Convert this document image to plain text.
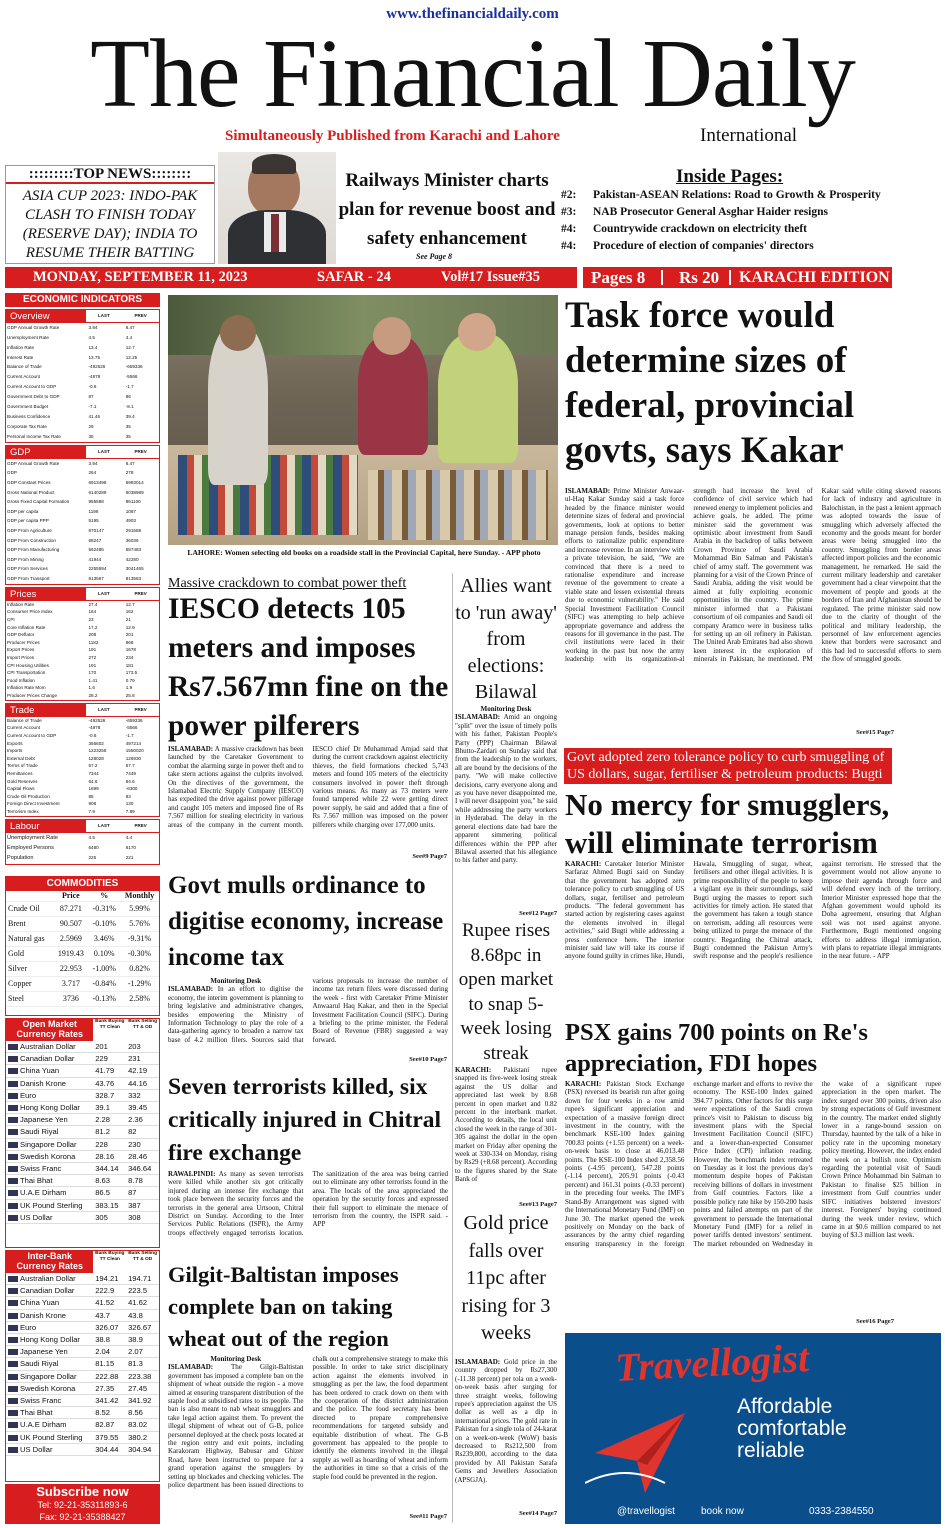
www.thefinancialdaily.com
The Financial Daily
Simultaneously Published from Karachi and Lahore	International
:::::::::TOP NEWS::::::::
ASIA CUP 2023: INDO-PAK CLASH TO FINISH TODAY (RESERVE DAY); INDIA TO RESUME THEIR BATTING
Railways Minister charts plan for revenue boost and safety enhancement
See Page 8
Inside Pages:
#2: Pakistan-ASEAN Relations: Road to Growth & Prosperity
#3: NAB Prosecutor General Asghar Haider resigns
#4: Countrywide crackdown on electricity theft
#4: Procedure of election of companies' directors
MONDAY, SEPTEMBER 11, 2023	SAFAR - 24	Vol#17 Issue#35	Pages 8 Rs 20 KARACHI EDITION
ECONOMIC INDICATORS
Overview	LAST	PREV
GDP Annual Growth Rate	3.94	6.47
Unemployment Rate	4.5	4.4
Inflation Rate	13.4	12.7
Interest Rate	13.75	12.25
Balance of Trade	-492526	-659336
Current Account	-4878	-5566
Current Account to GDP	-0.6	-1.7
Government Debt to GDP	87	86
Government Budget	-7.1	-8.1
Business Confidence	41.46	39.4
Corporate Tax Rate	29	35
Personal Income Tax Rate	35	35
GDP	LAST	PREV
GDP Annual Growth Rate	3.94	6.47
GDP	264	278
GDP Constant Prices	6913498	5993014
Gross National Product	6140289	6038989
Gross Fixed Capital Formation	955588	951100
GDP per capita	1196	1087
GDP per capita PPP	5195	4903
GDP From Agriculture	870147	291588
GDP From Construction	68247	36036
GDP From Manufacturing	562485	587483
GDP From Mining	41944	42280
GDP From Services	2255594	3041465
GDP From Transport	813567	813563
Prices	LAST	PREV
Inflation Rate	27.4	12.7
Consumer Price Index	164	162
CPI	23	21
Core Inflation Rate	17.2	12.9
GDP Deflator	208	201
Producer Prices	1182	968
Export Prices	191	1678
Import Prices	272	234
CPI Housing Utilities	191	181
CPI Transportation	170	173.5
Food Inflation	1.41	0.79
Inflation Rate Mom	1.6	1.9
Producer Prices Change	28.2	25.8
Trade	LAST	PREV
Balance of Trade	-492526	-659336
Current Account	-4878	-5566
Current Account to GDP	-0.6	-1.7
Exports	356602	497214
Imports	1223258	1550020
External Debt	128028	126930
Terms of Trade	57.2	57.7
Remittances	7344	7449
Gold Reserves	64.6	64.6
Capital Flows	1699	-6300
Crude Oil Production	85	83
Foreign Direct Investment	908	130
Terrorism Index	7.9	7.89
Labour	LAST	PREV
Unemployment Rate	4.5	4.4
Employed Persons	6480	6170
Population	225	221
COMMODITIES
	Price	%	Monthly
Crude Oil	87.271	-0.31%	5.99%
Brent	90.507	-0.10%	5.76%
Natural gas	2.5969	3.46%	-9.31%
Gold	1919.43	0.10%	-0.30%
Silver	22.953	-1.00%	0.82%
Copper	3.717	-0.84%	-1.29%
Steel	3736	-0.13%	2.58%
Open Market Currency Rates
Bank Buying TT Clean
Bank Selling TT & OD
Australian Dollar	201	203
Canadian Dollar	229	231
China Yuan	41.79	42.19
Danish Krone	43.76	44.16
Euro	328.7	332
Hong Kong Dollar	39.1	39.45
Japanese Yen	2.28	2.36
Saudi Riyal	81.2	82
Singapore Dollar	228	230
Swedish Korona	28.16	28.46
Swiss Franc	344.14	346.64
Thai Bhat	8.63	8.78
U.A.E Dirham	86.5	87
UK Pound Sterling	383.15	387
US Dollar	305	308
Inter-Bank Currency Rates
Bank Buying TT Clean
Bank Selling TT & OD
Australian Dollar	194.21	194.71
Canadian Dollar	222.9	223.5
China Yuan	41.52	41.62
Danish Krone	43.7	43.8
Euro	326.07	326.67
Hong Kong Dollar	38.8	38.9
Japanese Yen	2.04	2.07
Saudi Riyal	81.15	81.3
Singapore Dollar	222.88	223.38
Swedish Korona	27.35	27.45
Swiss Franc	341.42	341.92
Thai Bhat	8.52	8.56
U.A.E Dirham	82.87	83.02
UK Pound Sterling	379.55	380.2
US Dollar	304.44	304.94
Subscribe now
Tel: 92-21-35311893-6
Fax: 92-21-35388427
LAHORE: Women selecting old books on a roadside stall in the Provincial Capital, here Sunday. - APP photo
Task force would determine sizes of federal, provincial govts, says Kakar
ISLAMABAD: Prime Minister Anwaar-ul-Haq Kakar Sunday said a task force headed by the finance minister would determine sizes of federal and provincial governments, look at options to better manage pension funds, besides making efforts to rationalize public expenditure and increase revenue. In an interview with a private television, he said, "We are convinced that there is a need to rationalise expenditure and increase revenue of the government to create a viable state and lessen existential threats due to economic vulnerability." He said Special Investment Facilitation Council (SIFC) was attempting to help achieve appropriate governance and address the reasons for ill governance in the past. The civil institutions were laced in their working in the past but now the army leadership with its organization-al strength had increase the level of confidence of civil service which had renewed energy to implement policies and achieve goals, he added. The prime minister said the government was optimistic about investment from Saudi Arabia in the backdrop of talks between Crown Province of Saudi Arabia Mohammad Bin Salman and Pakistan's chief of army staff. The government was planning for a visit of the Crown Prince of Saudi Arabia, adding the visit would be aimed at fully exploiting economic opportunities in the country. The prime minister informed that a Pakistani consortium of oil companies and Saudi oil company Aramco were in business talks for setting up an oil refinery in Pakistan. The United Arab Emirates had also shown keen interest in the exploration of minerals in Pakistan, he mentioned. PM Kakar said while citing skewed reasons for lack of industry and agriculture in Balochistan, in the past a lenient approach was adopted towards the issue of smuggling which adversely affected the economy and the goods meant for border areas were being smuggled into the country. Smuggling from border areas affected import policies and the economic management, he remarked. He said the current military leadership and caretaker government had a clear viewpoint that the movement of people and goods at the borders of Iran and Afghanistan should be regulated. The prime minister said now due to the clarity of thought of the political and military leadership, the personnel of law enforcement agencies knew that borders were sacrosanct and this had led to successful efforts to stem the flow of smuggled goods.
See#15 Page7
Govt adopted zero tolerance policy to curb smuggling of US dollars, sugar, fertiliser & petroleum products: Bugti
No mercy for smugglers, will eliminate terrorism
KARACHI: Caretaker Interior Minister Sarfaraz Ahmed Bugti said on Sunday that the government has adopted zero tolerance policy to curb smuggling of US dollars, sugar, fertiliser and petroleum products. "The federal government has started action by registering cases against the elements involved in illegal activities," said Bugti while addressing a press conference here. The interior minister said law will take its course if anyone found guilty in crimes like, Hundi, Hawala, Smuggling of sugar, wheat, fertilisers and other illegal activities. It is prime responsibility of the people to keep a vigilant eye in their surroundings, said Bugti urging the masses to report such activities for timely action. He stated that the government has taken a tough stance on terrorism, adding all resources were being utilized to purge the menace of the country. Regarding the Chitral attack, Bugti condemned the Pakistan Army's swift response and the people's resilience against terrorism. He stressed that the government would not allow anyone to impose their agenda through force and will defend every inch of the territory. Interior Minister expressed hope that the Afghan government would uphold its Doha agreement, ensuring that Afghan soil was not used against anyone. Furthermore, Bugti mentioned ongoing efforts to address illegal immigration, with plans to repatriate illegal immigrants in the near future. - APP
PSX gains 700 points on Re's appreciation, FDI hopes
KARACHI: Pakistan Stock Exchange (PSX) reversed its bearish run after going down for four weeks in a row amid rupee's significant appreciation and expectation of a massive foreign direct investment in the country, with the benchmark KSE-100 Index gaining 700.83 points (+1.55 percent) on a week-on-week basis to close at 46,013.48 points. The KSE-100 Index shed 2,358.56 points (-4.95 percent), 547.28 points (-1.14 percent), 205.91 points (-0.43 percent) and 161.31 points (-0.33 percent) in the preceding four weeks. The IMF's Stand-By Arrangement was signed with the International Monetary Fund (IMF) on June 30. The market opened the week positively on Monday on the back of assurances by the army chief regarding ensuring transparency in the foreign exchange market and efforts to revive the economy. The KSE-100 Index gained 394.77 points. Other factors for this surge were expectations of the Saudi crown prince's visit to Pakistan to discuss big investment plans with the Special Investment Facilitation Council (SIFC) and a lower-than-expected Consumer Price Index (CPI) inflation reading. However, the benchmark index retreated on Tuesday as it lost the previous day's momentum despite hopes of Pakistan receiving billions of dollars in investment from Gulf countries. Factors like a possible policy rate hike by 150-200 basis points and failed attempts on part of the government to persuade the International Monetary Fund (IMF) for a relief in power tariffs dented investors' sentiment. The market rebounded on Wednesday in the wake of a significant rupee appreciation in the open market. The index surged over 300 points, driven also by strong expectations of Gulf investment in the country. The market ended slightly lower in a range-bound session on Thursday, haunted by the talk of a hike in policy rate in the upcoming monetary policy meeting. However, the index ended the week on a bullish note. Optimism regarding the potential visit of Saudi Crown Prince Mohammad bin Salman to Pakistan to finalise $25 billion in investment from Gulf countries under SIFC initiatives bolstered investors' interest. Foreigners' buying continued during the week under review, which came in at $0.6 million compared to net buying of $3.3 million last week.
See#16 Page7
Travellogist
Affordable
comfortable
reliable
@travellogist	book now	0333-2384550
Massive crackdown to combat power theft
IESCO detects 105 meters and imposes Rs7.567mn fine on the power pilferers
ISLAMABAD: A massive crackdown has been launched by the Caretaker Government to combat the alarming surge in power theft and to take stern actions against the culprits involved. On the directives of the government, the Islamabad Electric Supply Company (IESCO) has expedited the drive against power pilferage and caught 105 meters and imposed fine of Rs 7.567 million for stealing electricity in various areas of the company in the current month. IESCO chief Dr Muhammad Amjad said that during the current crackdown against electricity thieves, the field formations checked 5,743 meters and found 105 meters of the electricity consumers involved in power theft through various means. As many as 73 meters were found tampered while 22 were getting direct power supply, he said and added that a fine of Rs 7.567 million was imposed on the power pilferers while charging over 177,000 units.
See#9 Page7
Govt mulls ordinance to digitise economy, increase income tax
Monitoring Desk
ISLAMABAD: In an effort to digitise the economy, the interim government is planning to bring legislative and administrative changes, besides empowering the Ministry of Information Technology to play the role of a data-gathering agency to broaden a narrow tax base of 4.2 million filers. Sources said that various proposals to increase the number of income tax return filers were discussed during the week - first with Caretaker Prime Minister Anwaarul Haq Kakar, and then in the Special Investment Facilitation Council (SIFC). During a briefing to the prime minister, the Federal Board of Revenue (FBR) suggested a way forward.
See#10 Page7
Seven terrorists killed, six critically injured in Chitral fire exchange
RAWALPINDI: As many as seven terrorists were killed while another six got critically injured during an intense fire exchange that took place between the security forces and the terrorists in the general area Urtsoon, Chitral District on Sunday. According to the Inter Services Public Relations (ISPR), the Army troops effectively engaged terrorists location. The sanitization of the area was being carried out to eliminate any other terrorists found in the area. The locals of the area appreciated the operation by the security forces and expressed their full support to eliminate the menace of terrorism from the country, the ISPR said. - APP
Gilgit-Baltistan imposes complete ban on taking wheat out of the region
Monitoring Desk
ISLAMABAD:	The Gilgit-Baltistan government has imposed a complete ban on the shipment of wheat outside the region - a move aimed at ensuring transparent distribution of the staple food at subsidised rates to its people. The ban is also meant to nab wheat smugglers and take legal action against them. To prevent the illegal shipment of wheat out of G-B, police personnel deployed at the check posts located at the region entry and exit points, including Karakoram Highway, Babusar and Ghizer Road, have been instructed to prepare for a grand operation against the smugglers by setting up blockades and checking vehicles. The police department has been issued directions to chalk out a comprehensive strategy to make this possible. In order to take strict disciplinary action against the elements involved in smuggling as per the law, the food department has been ordered to crack down on them with the cooperation of the district administration and the police. The food secretary has been directed to prepare comprehensive recommendations for targeted subsidy and equitable distribution of wheat. The G-B government has appealed to the people to identify the elements involved in the illegal supply as well as hoarding of wheat and inform the authorities in time so that a crisis of the staple food could be prevented in the region.
See#11 Page7
Allies want to 'run away' from elections: Bilawal
Monitoring Desk
ISLAMABAD: Amid an ongoing "split" over the issue of timely polls with his father, Pakistan People's Party (PPP) Chairman Bilawal Bhutto-Zardari on Sunday said that from the leadership to the workers, all are bound by the decisions of the party. "We will make collective decisions, carry everyone along and as you have never disappointed me, I will never disappoint you," he said while addressing the party workers in Hyderabad. The delay in the general elections date had bare the apparent simmering political differences within the PPP after Bilawal asserted that his allegiance to his father and party.
See#12 Page7
Rupee rises 8.68pc in open market to snap 5-week losing streak
KARACHI: Pakistani rupee snapped its five-week losing streak against the US dollar and appreciated last week by 8.68 percent in open market and 0.82 percent in the interbank market. According to details, the local unit closed the week in the range of 301-305 against the dollar in the open market on Friday after opening the week at 330-334 on Monday, rising by Rs29 (+8.68 percent). According to the figures shared by the State Bank of
See#13 Page7
Gold price falls over 11pc after rising for 3 weeks
ISLAMABAD: Gold price in the country dropped by Rs27,300 (-11.38 percent) per tola on a week-on-week basis after surging for three straight weeks, following rupee's appreciation against the US dollar as well as a dip in international prices. The gold rate in Pakistan for a single tola of 24-karat on a week-on-week (WoW) basis decreased to Rs212,500 from Rs239,800, according to the data provided by All Pakistan Sarafa Gems and Jewellers Association (APSGJA).
See#14 Page7
